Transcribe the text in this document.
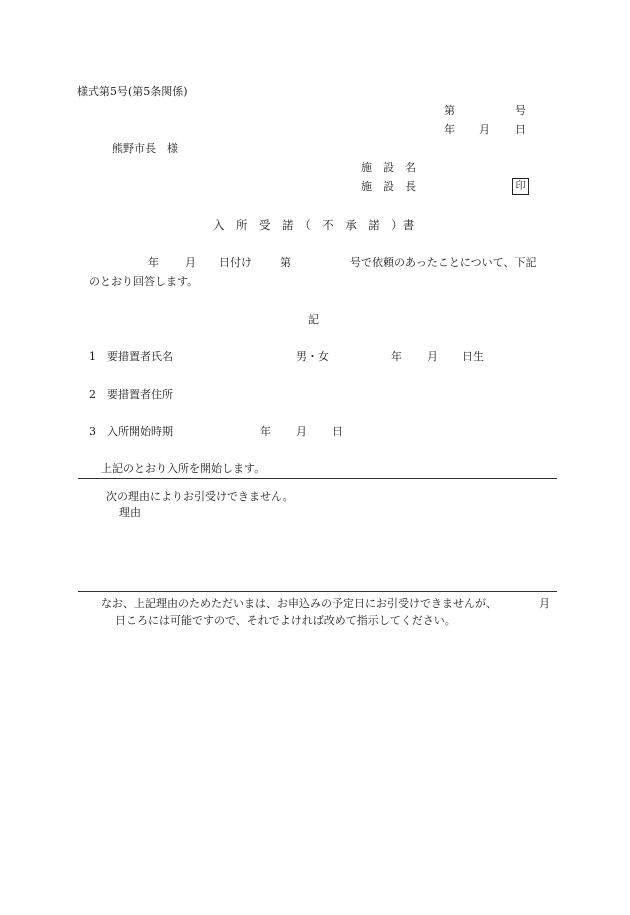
様式第5号(第5条関係)
第	号
年 月 日
熊野市長　様
施　設　名
施　設　長	印
入　所　受　諾　（　不　承　諾　）書
年 月 日付け	第	号で依頼のあったことについて、下記
のとおり回答します。
記
1 要措置者氏名	男・女	年 月 日生
2 要措置者住所
3 入所開始時期	年 月 日
上記のとおり入所を開始します。
次の理由によりお引受けできません。
理由
なお、上記理由のためただいまは、お申込みの予定日にお引受けできませんが、	月
日ころには可能ですので、それでよければ改めて指示してください。
